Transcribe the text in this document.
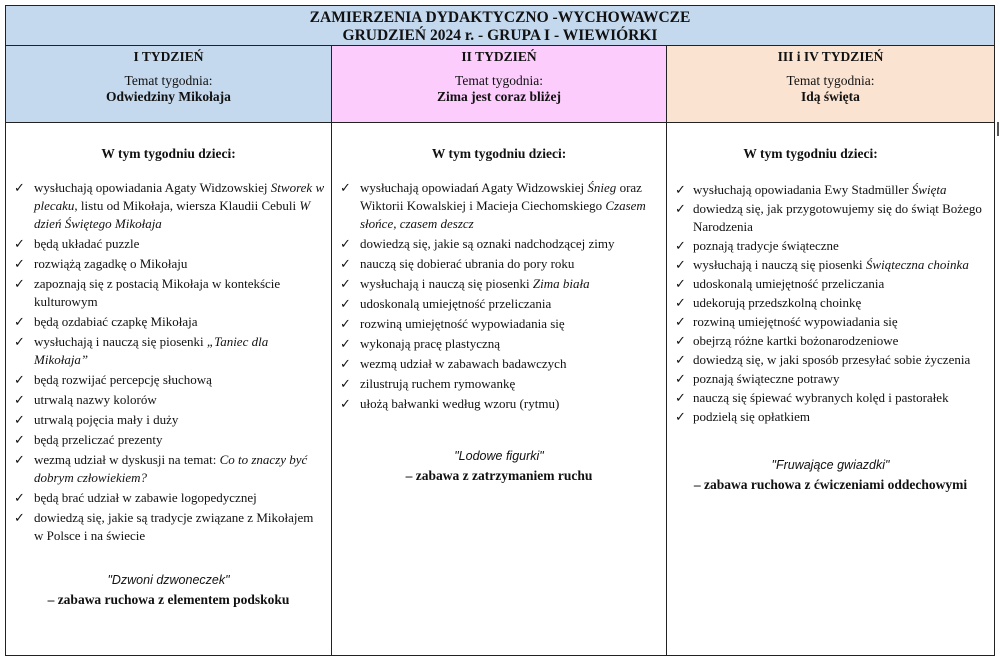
ZAMIERZENIA DYDAKTYCZNO -WYCHOWAWCZE
GRUDZIEŃ 2024 r. - GRUPA I - WIEWIÓRKI
I TYDZIEŃ
Temat tygodnia:
Odwiedziny Mikołaja
W tym tygodniu dzieci:
✓ wysłuchają opowiadania Agaty Widzowskiej Stworek w plecaku, listu od Mikołaja, wiersza Klaudii Cebuli W dzień Świętego Mikołaja
✓ będą układać puzzle
✓ rozwiążą zagadkę o Mikołaju
✓ zapoznają się z postacią Mikołaja w kontekście kulturowym
✓ będą ozdabiać czapkę Mikołaja
✓ wysłuchają i nauczą się piosenki „Taniec dla Mikołaja”
✓ będą rozwijać percepcję słuchową
✓ utrwalą nazwy kolorów
✓ utrwalą pojęcia mały i duży
✓ będą przeliczać prezenty
✓ wezmą udział w dyskusji na temat: Co to znaczy być dobrym człowiekiem?
✓ będą brać udział w zabawie logopedycznej
✓ dowiedzą się, jakie są tradycje związane z Mikołajem w Polsce i na świecie
"Dzwoni dzwoneczek"
– zabawa ruchowa z elementem podskoku
II TYDZIEŃ
Temat tygodnia:
Zima jest coraz bliżej
W tym tygodniu dzieci:
✓ wysłuchają opowiadań Agaty Widzowskiej Śnieg oraz Wiktorii Kowalskiej i Macieja Ciechomskiego Czasem słońce, czasem deszcz
✓ dowiedzą się, jakie są oznaki nadchodzącej zimy
✓ nauczą się dobierać ubrania do pory roku
✓ wysłuchają i nauczą się piosenki Zima biała
✓ udoskonalą umiejętność przeliczania
✓ rozwiną umiejętność wypowiadania się
✓ wykonają pracę plastyczną
✓ wezmą udział w zabawach badawczych
✓ zilustrują ruchem rymowankę
✓ ułożą bałwanki według wzoru (rytmu)
"Lodowe figurki"
– zabawa z zatrzymaniem ruchu
III i IV TYDZIEŃ
Temat tygodnia:
Idą święta
W tym tygodniu dzieci:
✓ wysłuchają opowiadania Ewy Stadmüller Święta
✓ dowiedzą się, jak przygotowujemy się do świąt Bożego Narodzenia
✓ poznają tradycje świąteczne
✓ wysłuchają i nauczą się piosenki Świąteczna choinka
✓ udoskonalą umiejętność przeliczania
✓ udekorują przedszkolną choinkę
✓ rozwiną umiejętność wypowiadania się
✓ obejrzą różne kartki bożonarodzeniowe
✓ dowiedzą się, w jaki sposób przesyłać sobie życzenia
✓ poznają świąteczne potrawy
✓ nauczą się śpiewać wybranych kolęd i pastorałek
✓ podzielą się opłatkiem
"Fruwające gwiazdki"
– zabawa ruchowa z ćwiczeniami oddechowymi
